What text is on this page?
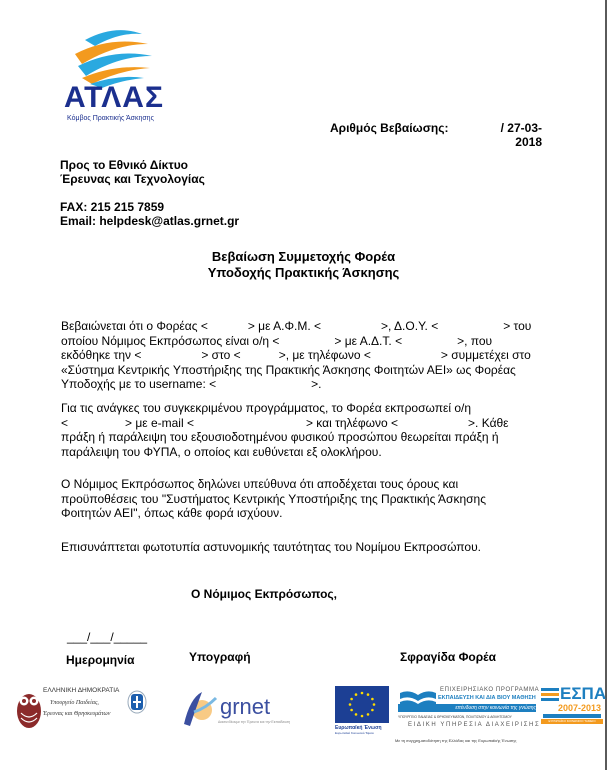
ΑΤΛΑΣ
Κόμβος Πρακτικής Άσκησης
Αριθμός Βεβαίωσης:	/ 27-03-
2018
Προς το Εθνικό Δίκτυο
Έρευνας και Τεχνολογίας
FAX: 215 215 7859
Email: helpdesk@atlas.grnet.gr
Βεβαίωση Συμμετοχής Φορέα
Υποδοχής Πρακτικής Άσκησης
Βεβαιώνεται ότι ο Φορέας <	> με Α.Φ.Μ. <	>, Δ.Ο.Υ. <	> του
οποίου Νόμιμος Εκπρόσωπος είναι ο/η <	> με Α.Δ.Τ. <	>, που
εκδόθηκε την <	> στο <	>, με τηλέφωνο <	> συμμετέχει στο
«Σύστημα Κεντρικής Υποστήριξης της Πρακτικής Άσκησης Φοιτητών ΑΕΙ» ως Φορέας
Υποδοχής με το username: <	>.
Για τις ανάγκες του συγκεκριμένου προγράμματος, το Φορέα εκπροσωπεί ο/η
<	> με e-mail <	> και τηλέφωνο <	>. Κάθε
πράξη ή παράλειψη του εξουσιοδοτημένου φυσικού προσώπου θεωρείται πράξη ή
παράλειψη του ΦΥΠΑ, ο οποίος και ευθύνεται εξ ολοκλήρου.
Ο Νόμιμος Εκπρόσωπος δηλώνει υπεύθυνα ότι αποδέχεται τους όρους και
προϋποθέσεις του "Συστήματος Κεντρικής Υποστήριξης της Πρακτικής Άσκησης
Φοιτητών ΑΕΙ", όπως κάθε φορά ισχύουν.
Επισυνάπτεται φωτοτυπία αστυνομικής ταυτότητας του Νομίμου Εκπροσώπου.
Ο Νόμιμος Εκπρόσωπος,
___/___/_____
Ημερομηνία	Υπογραφή	Σφραγίδα Φορέα
ΕΛΛΗΝΙΚΗ ΔΗΜΟΚΡΑΤΙΑ
Υπουργείο Παιδείας,
Έρευνας και Θρησκευμάτων	grnet
Διασυνδέουμε την Έρευνα και την Εκπαίδευση
Ευρωπαϊκή Ένωση
Ευρωπαϊκό Κοινωνικό Ταμείο
ΕΠΙΧΕΙΡΗΣΙΑΚΟ ΠΡΟΓΡΑΜΜΑ
ΕΚΠΑΙΔΕΥΣΗ ΚΑΙ ΔΙΑ ΒΙΟΥ ΜΑΘΗΣΗ
επένδυση στην κοινωνία της γνώσης
ΥΠΟΥΡΓΕΙΟ ΠΑΙΔΕΙΑΣ & ΘΡΗΣΚΕΥΜΑΤΩΝ, ΠΟΛΙΤΙΣΜΟΥ & ΑΘΛΗΤΙΣΜΟΥ
ΕΙΔΙΚΗ ΥΠΗΡΕΣΙΑ ΔΙΑΧΕΙΡΙΣΗΣ
ΕΣΠΑ
2007-2013
ΕΥΡΩΠΑΪΚΟ ΚΟΙΝΩΝΙΚΟ ΤΑΜΕΙΟ
Με τη συγχρηματοδότηση της Ελλάδας και της Ευρωπαϊκής Ένωσης
